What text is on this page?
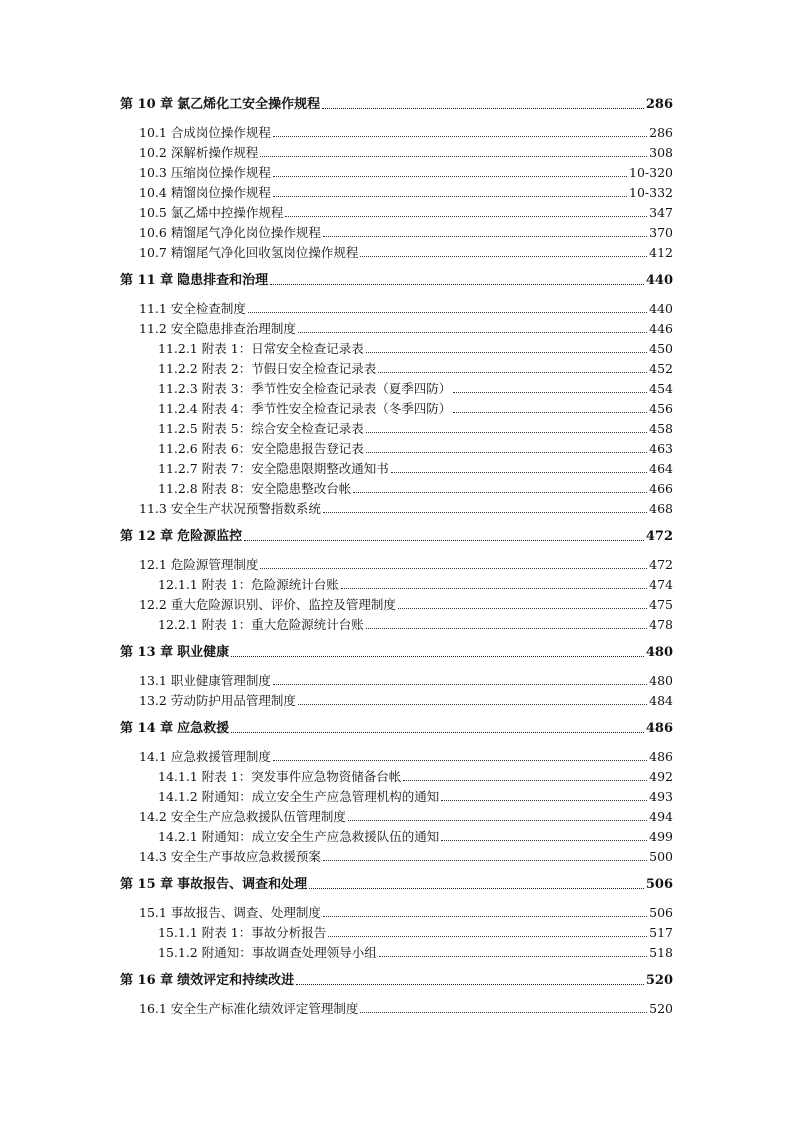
第 10 章 氯乙烯化工安全操作规程	286
10.1 合成岗位操作规程	286
10.2 深解析操作规程	308
10.3 压缩岗位操作规程	10-320
10.4 精馏岗位操作规程	10-332
10.5 氯乙烯中控操作规程	347
10.6 精馏尾气净化岗位操作规程	370
10.7 精馏尾气净化回收氢岗位操作规程	412
第 11 章 隐患排查和治理	440
11.1 安全检查制度	440
11.2 安全隐患排查治理制度	446
11.2.1 附表 1：日常安全检查记录表	450
11.2.2 附表 2：节假日安全检查记录表	452
11.2.3 附表 3：季节性安全检查记录表（夏季四防）	454
11.2.4 附表 4：季节性安全检查记录表（冬季四防）	456
11.2.5 附表 5：综合安全检查记录表	458
11.2.6 附表 6：安全隐患报告登记表	463
11.2.7 附表 7：安全隐患限期整改通知书	464
11.2.8 附表 8：安全隐患整改台帐	466
11.3 安全生产状况预警指数系统	468
第 12 章 危险源监控	472
12.1 危险源管理制度	472
12.1.1 附表 1：危险源统计台账	474
12.2 重大危险源识别、评价、监控及管理制度	475
12.2.1 附表 1：重大危险源统计台账	478
第 13 章 职业健康	480
13.1 职业健康管理制度	480
13.2 劳动防护用品管理制度	484
第 14 章 应急救援	486
14.1 应急救援管理制度	486
14.1.1 附表 1：突发事件应急物资储备台帐	492
14.1.2 附通知：成立安全生产应急管理机构的通知	493
14.2 安全生产应急救援队伍管理制度	494
14.2.1 附通知：成立安全生产应急救援队伍的通知	499
14.3 安全生产事故应急救援预案	500
第 15 章 事故报告、调查和处理	506
15.1 事故报告、调查、处理制度	506
15.1.1 附表 1：事故分析报告	517
15.1.2 附通知：事故调查处理领导小组	518
第 16 章 绩效评定和持续改进	520
16.1 安全生产标准化绩效评定管理制度	520
